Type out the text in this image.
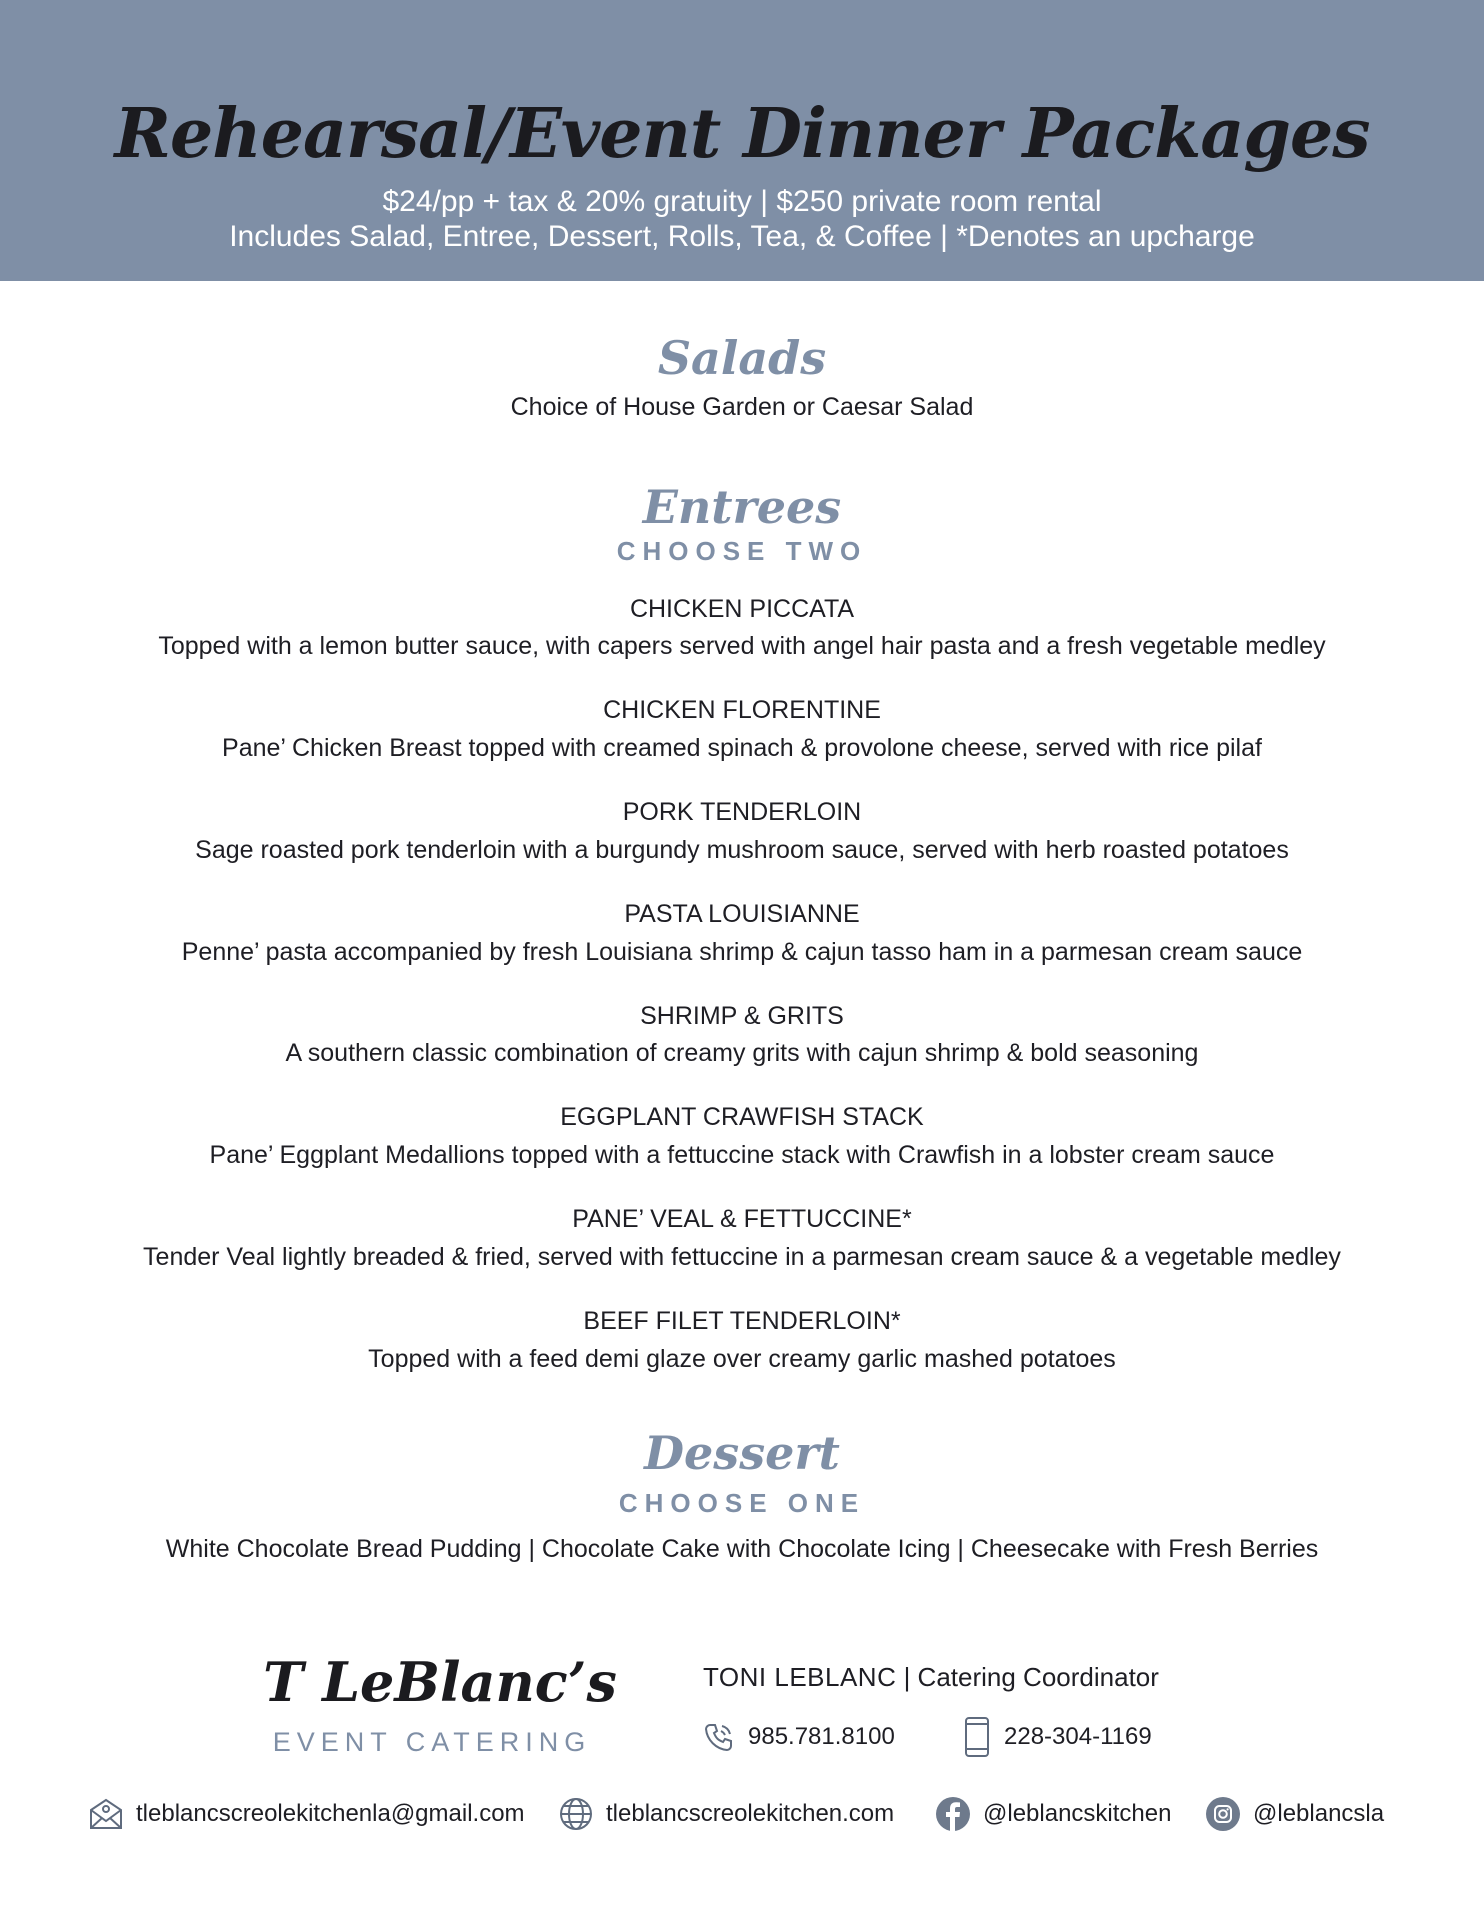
Rehearsal/Event Dinner Packages
$24/pp + tax & 20% gratuity | $250 private room rental
Includes Salad, Entree, Dessert, Rolls, Tea, & Coffee | *Denotes an upcharge
Salads
Choice of House Garden or Caesar Salad
Entrees
CHOOSE TWO
CHICKEN PICCATA
Topped with a lemon butter sauce, with capers served with angel hair pasta and a fresh vegetable medley
CHICKEN FLORENTINE
Pane’ Chicken Breast topped with creamed spinach & provolone cheese, served with rice pilaf
PORK TENDERLOIN
Sage roasted pork tenderloin with a burgundy mushroom sauce, served with herb roasted potatoes
PASTA LOUISIANNE
Penne’ pasta accompanied by fresh Louisiana shrimp & cajun tasso ham in a parmesan cream sauce
SHRIMP & GRITS
A southern classic combination of creamy grits with cajun shrimp & bold seasoning
EGGPLANT CRAWFISH STACK
Pane’ Eggplant Medallions topped with a fettuccine stack with Crawfish in a lobster cream sauce
PANE’ VEAL & FETTUCCINE*
Tender Veal lightly breaded & fried, served with fettuccine in a parmesan cream sauce & a vegetable medley
BEEF FILET TENDERLOIN*
Topped with a feed demi glaze over creamy garlic mashed potatoes
Dessert
CHOOSE ONE
White Chocolate Bread Pudding | Chocolate Cake with Chocolate Icing | Cheesecake with Fresh Berries
T LeBlanc’s
EVENT CATERING
TONI LEBLANC | Catering Coordinator
985.781.8100	228-304-1169
tleblancscreolekitchenla@gmail.com	tleblancscreolekitchen.com	@leblancskitchen	@leblancsla
